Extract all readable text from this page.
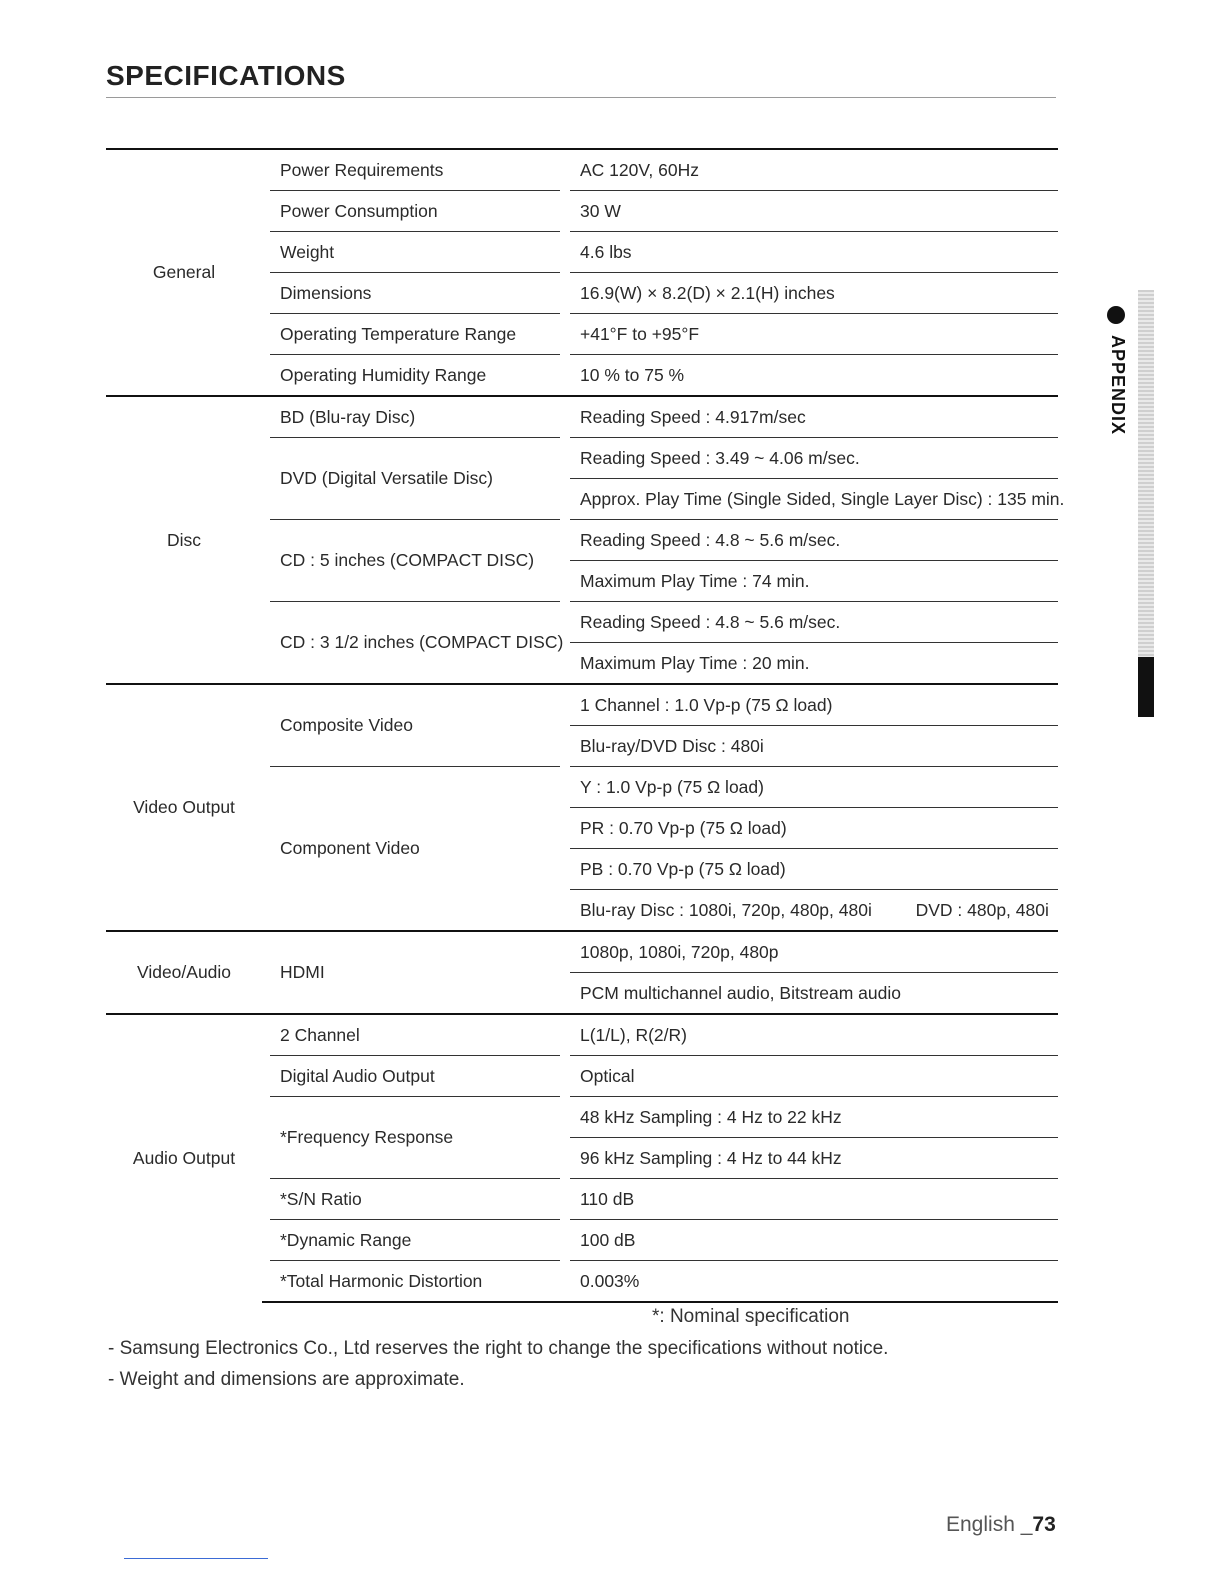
SPECIFICATIONS
General		Power Requirements		AC 120V, 60Hz
		Power Consumption		30 W
		Weight		4.6 lbs
		Dimensions		16.9(W) × 8.2(D) × 2.1(H) inches
		Operating Temperature Range		+41°F to +95°F
		Operating Humidity Range		10 % to 75 %
Disc		BD (Blu-ray Disc)		Reading Speed : 4.917m/sec
		DVD (Digital Versatile Disc)		Reading Speed : 3.49 ~ 4.06 m/sec.
				Approx. Play Time (Single Sided, Single Layer Disc) : 135 min.
		CD : 5 inches (COMPACT DISC)		Reading Speed : 4.8 ~ 5.6 m/sec.
				Maximum Play Time : 74 min.
		CD : 3 1/2 inches (COMPACT DISC)		Reading Speed : 4.8 ~ 5.6 m/sec.
				Maximum Play Time : 20 min.
Video Output		Composite Video		1 Channel : 1.0 Vp-p (75 Ω load)
				Blu-ray/DVD Disc : 480i
		Component Video		Y : 1.0 Vp-p (75 Ω load)
				PR : 0.70 Vp-p (75 Ω load)
				PB : 0.70 Vp-p (75 Ω load)
				Blu-ray Disc : 1080i, 720p, 480p, 480i DVD : 480p, 480i
Video/Audio		HDMI		1080p, 1080i, 720p, 480p
				PCM multichannel audio, Bitstream audio
Audio Output		2 Channel		L(1/L), R(2/R)
		Digital Audio Output		Optical
		*Frequency Response		48 kHz Sampling : 4 Hz to 22 kHz
				96 kHz Sampling : 4 Hz to 44 kHz
		*S/N Ratio		110 dB
		*Dynamic Range		100 dB
		*Total Harmonic Distortion		0.003%
*: Nominal specification
- Samsung Electronics Co., Ltd reserves the right to change the specifications without notice.
- Weight and dimensions are approximate.
APPENDIX
English _73
